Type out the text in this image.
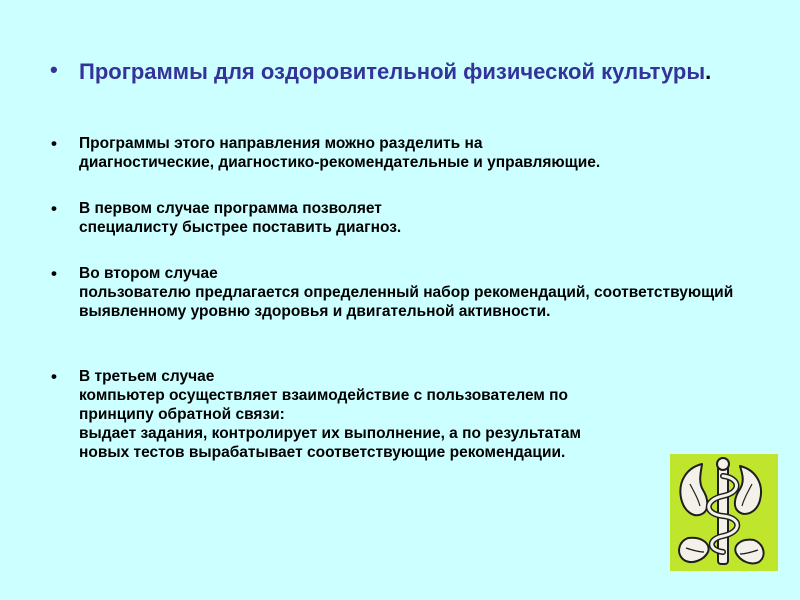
• Программы для оздоровительной физической культуры.
•	Программы этого направления можно разделить на
диагностические, диагностико-рекомендательные и управляющие.
•	В первом случае программа позволяет
специалисту быстрее поставить диагноз.
•	Во втором случае
пользователю предлагается определенный набор рекомендаций, соответствующий
выявленному уровню здоровья и двигательной активности.
•	В третьем случае
компьютер осуществляет взаимодействие с пользователем по
принципу обратной связи:
выдает задания, контролирует их выполнение, а по результатам
новых тестов вырабатывает соответствующие рекомендации.
